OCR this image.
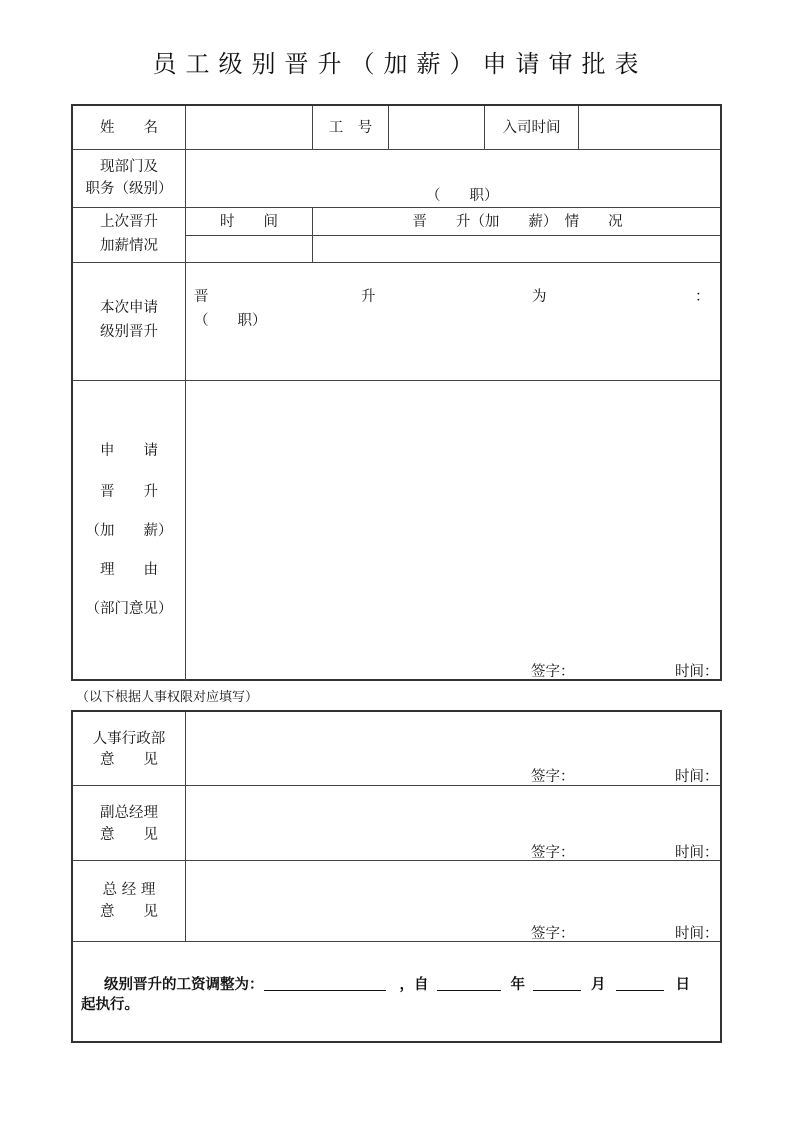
员工级别晋升（加薪）申请审批表
姓　　名	工　号	入司时间
现部门及
职务（级别）	（　　职）
上次晋升
加薪情况
时　　间	晋　　升（加　　薪）　情　　况
本次申请
级别晋升
晋	升	为	：
（　　职）
申　　请
晋　　升
（加　　薪）
理　　由
（部门意见）
签字：	时间：
（以下根据人事权限对应填写）
人事行政部
意　　见
签字：	时间：
副总经理
意　　见
签字：	时间：
总 经 理
意　　见
签字：	时间：
级别晋升的工资调整为：	，自	年	月	日
起执行。
